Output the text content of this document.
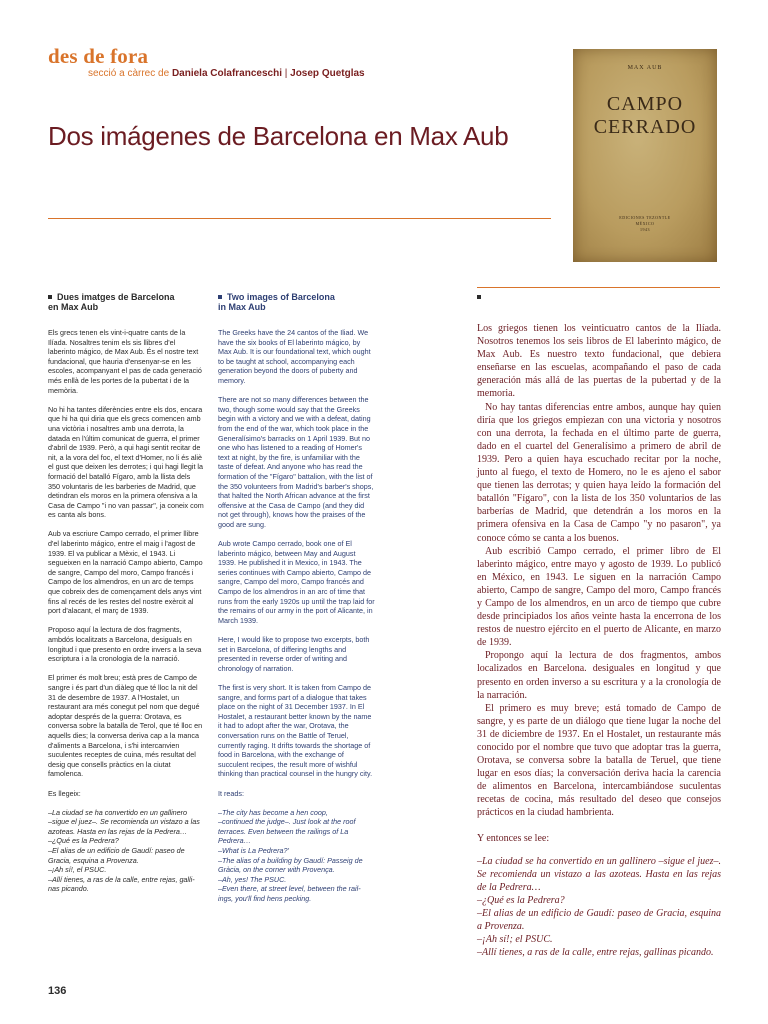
des de fora
secció a càrrec de Daniela Colafranceschi | Josep Quetglas
Dos imágenes de Barcelona en Max Aub
MAX AUB
CAMPO
CERRADO
EDICIONES TEZONTLE
MÉXICO
1943
Dues imatges de Barcelona
en Max Aub

Els grecs tenen els vint-i-quatre cants de la Ilíada. Nosaltres tenim els sis llibres d'el laberinto mágico, de Max Aub. És el nostre text fundacional, que hauria d'ensenyar-se en les escoles, acompanyant el pas de cada generació més enllà de les portes de la pubertat i de la memòria.

No hi ha tantes diferències entre els dos, encara que hi ha qui diria que els grecs comencen amb una victòria i nosaltres amb una derrota, la datada en l'últim comunicat de guerra, el primer d'abril de 1939. Però, a qui hagi sentit recitar de nit, a la vora del foc, el text d'Homer, no li és aliè el gust que deixen les derrotes; i qui hagi llegit la formació del batalló Fígaro, amb la llista dels 350 voluntaris de les barberies de Madrid, que detindran els moros en la primera ofensiva a la Casa de Campo "i no van passar", ja coneix com es canta als bons.

Aub va escriure Campo cerrado, el primer llibre d'el laberinto mágico, entre el maig i l'agost de 1939. El va publicar a Mèxic, el 1943. Li segueixen en la narració Campo abierto, Campo de sangre, Campo del moro, Campo francés i Campo de los almendros, en un arc de temps que cobreix des de començament dels anys vint fins al recés de les restes del nostre exèrcit al port d'alacant, el març de 1939.

Proposo aquí la lectura de dos fragments, ambdós localitzats a Barcelona, desiguals en longitud i que presento en ordre invers a la seva escriptura i a la cronologia de la narració.

El primer és molt breu; està pres de Campo de sangre i és part d'un diàleg que té lloc la nit del 31 de desembre de 1937. A l'Hostalet, un restaurant ara més conegut pel nom que degué adoptar després de la guerra: Orotava, es conversa sobre la batalla de Terol, que té lloc en aquells dies; la conversa deriva cap a la manca d'aliments a Barcelona, i s'hi intercanvien suculentes receptes de cuina, més resultat del desig que consells pràctics en la ciutat famolenca.

Es llegeix:

–La ciudad se ha convertido en un gallinero

–sigue el juez–. Se recomienda un vistazo a las

azoteas. Hasta en las rejas de la Pedrera…

–¿Qué es la Pedrera?

–El alias de un edificio de Gaudí: paseo de

Gracia, esquina a Provenza.

–¡Ah sí!, el PSUC.

–Allí tienes, a ras de la calle, entre rejas, galli-

nas picando.

Two images of Barcelona
in Max Aub

The Greeks have the 24 cantos of the Iliad. We have the six books of El laberinto mágico, by Max Aub. It is our foundational text, which ought to be taught at school, accompanying each generation beyond the doors of puberty and memory.

There are not so many differences between the two, though some would say that the Greeks begin with a victory and we with a defeat, dating from the end of the war, which took place in the Generalísimo's barracks on 1 April 1939. But no one who has listened to a reading of Homer's text at night, by the fire, is unfamiliar with the taste of defeat. And anyone who has read the formation of the "Fígaro" battalion, with the list of the 350 volunteers from Madrid's barber's shops, that halted the North African advance at the first offensive at the Casa de Campo (and they did not get through), knows how the praises of the good are sung.

Aub wrote Campo cerrado, book one of El laberinto mágico, between May and August 1939. He published it in Mexico, in 1943. The series continues with Campo abierto, Campo de sangre, Campo del moro, Campo francés and Campo de los almendros in an arc of time that runs from the early 1920s up until the trap laid for the remains of our army in the port of Alicante, in March 1939.

Here, I would like to propose two excerpts, both set in Barcelona, of differing lengths and presented in reverse order of writing and chronology of narration.

The first is very short. It is taken from Campo de sangre, and forms part of a dialogue that takes place on the night of 31 December 1937. In El Hostalet, a restaurant better known by the name it had to adopt after the war, Orotava, the conversation runs on the Battle of Teruel, currently raging. It drifts towards the shortage of food in Barcelona, with the exchange of succulent recipes, the result more of wishful thinking than practical counsel in the hungry city.

It reads:

–The city has become a hen coop,

–continued the judge–. Just look at the roof

terraces. Even between the railings of La

Pedrera…

–What is La Pedrera?'

–The alias of a building by Gaudí: Passeig de

Gràcia, on the corner with Provença.

–Ah, yes! The PSUC.

–Even there, at street level, between the rail-

ings, you'll find hens pecking.

Los griegos tienen los veinticuatro cantos de la Ilíada. Nosotros tenemos los seis libros de El laberinto mágico, de Max Aub. Es nuestro texto fundacional, que debiera enseñarse en las escuelas, acompañando el paso de cada generación más allá de las puertas de la pubertad y de la memoria.

No hay tantas diferencias entre ambos, aunque hay quien diría que los griegos empiezan con una victoria y nosotros con una derrota, la fechada en el último parte de guerra, dado en el cuartel del Generalísimo a primero de abril de 1939. Pero a quien haya escuchado recitar por la noche, junto al fuego, el texto de Homero, no le es ajeno el sabor que tienen las derrotas; y quien haya leído la formación del batallón "Fígaro", con la lista de los 350 voluntarios de las barberías de Madrid, que detendrán a los moros en la primera ofensiva en la Casa de Campo "y no pasaron", ya conoce cómo se canta a los buenos.

Aub escribió Campo cerrado, el primer libro de El laberinto mágico, entre mayo y agosto de 1939. Lo publicó en México, en 1943. Le siguen en la narración Campo abierto, Campo de sangre, Campo del moro, Campo francés y Campo de los almendros, en un arco de tiempo que cubre desde principiados los años veinte hasta la encerrona de los restos de nuestro ejército en el puerto de Alicante, en marzo de 1939.

Propongo aquí la lectura de dos fragmentos, ambos localizados en Barcelona. desiguales en longitud y que presento en orden inverso a su escritura y a la cronología de la narración.

El primero es muy breve; está tomado de Campo de sangre, y es parte de un diálogo que tiene lugar la noche del 31 de diciembre de 1937. En el Hostalet, un restaurante más conocido por el nombre que tuvo que adoptar tras la guerra, Orotava, se conversa sobre la batalla de Teruel, que tiene lugar en esos días; la conversación deriva hacia la carencia de alimentos en Barcelona, intercambiándose suculentas recetas de cocina, más resultado del deseo que consejos prácticos en la ciudad hambrienta.

Y entonces se lee:

–La ciudad se ha convertido en un gallinero –sigue el juez–. Se recomienda un vistazo a las azoteas. Hasta en las rejas de la Pedrera…

–¿Qué es la Pedrera?

–El alias de un edificio de Gaudí: paseo de Gracia, esquina a Provenza.

–¡Ah sí!; el PSUC.

–Allí tienes, a ras de la calle, entre rejas, gallinas picando.

136
